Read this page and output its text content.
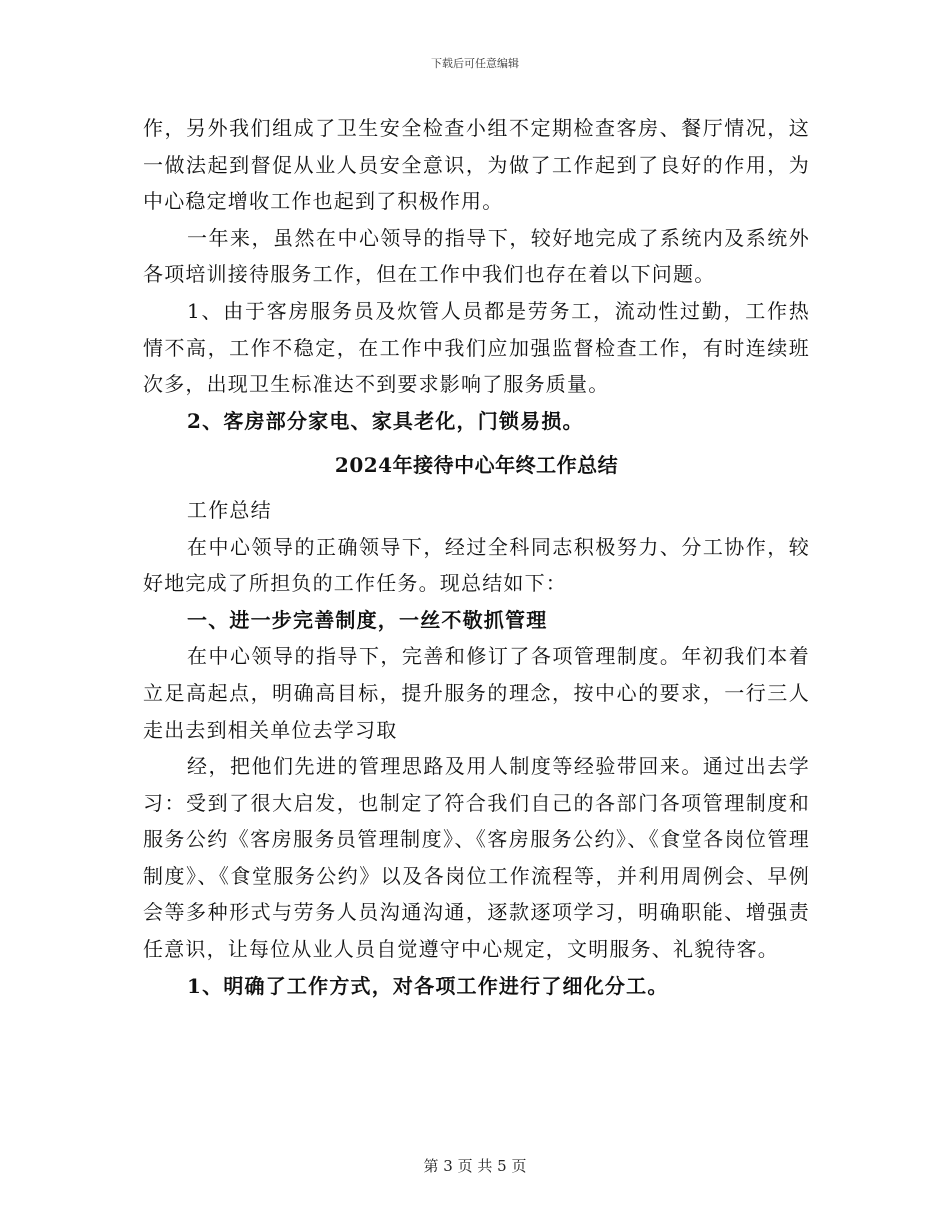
下载后可任意编辑

作，另外我们组成了卫生安全检查小组不定期检查客房、餐厅情况，这一做法起到督促从业人员安全意识，为做了工作起到了良好的作用，为中心稳定增收工作也起到了积极作用。

一年来，虽然在中心领导的指导下，较好地完成了系统内及系统外各项培训接待服务工作，但在工作中我们也存在着以下问题。

1、由于客房服务员及炊管人员都是劳务工，流动性过勤，工作热情不高，工作不稳定，在工作中我们应加强监督检查工作，有时连续班次多，出现卫生标准达不到要求影响了服务质量。

2、客房部分家电、家具老化，门锁易损。

2024年接待中心年终工作总结

工作总结

在中心领导的正确领导下，经过全科同志积极努力、分工协作，较好地完成了所担负的工作任务。现总结如下：

一、进一步完善制度，一丝不敬抓管理

在中心领导的指导下，完善和修订了各项管理制度。年初我们本着立足高起点，明确高目标，提升服务的理念，按中心的要求，一行三人走出去到相关单位去学习取

经，把他们先进的管理思路及用人制度等经验带回来。通过出去学习：受到了很大启发，也制定了符合我们自己的各部门各项管理制度和服务公约《客房服务员管理制度》、《客房服务公约》、《食堂各岗位管理制度》、《食堂服务公约》以及各岗位工作流程等，并利用周例会、早例会等多种形式与劳务人员沟通沟通，逐款逐项学习，明确职能、增强责任意识，让每位从业人员自觉遵守中心规定，文明服务、礼貌待客。

1、明确了工作方式，对各项工作进行了细化分工。

第 3 页 共 5 页
